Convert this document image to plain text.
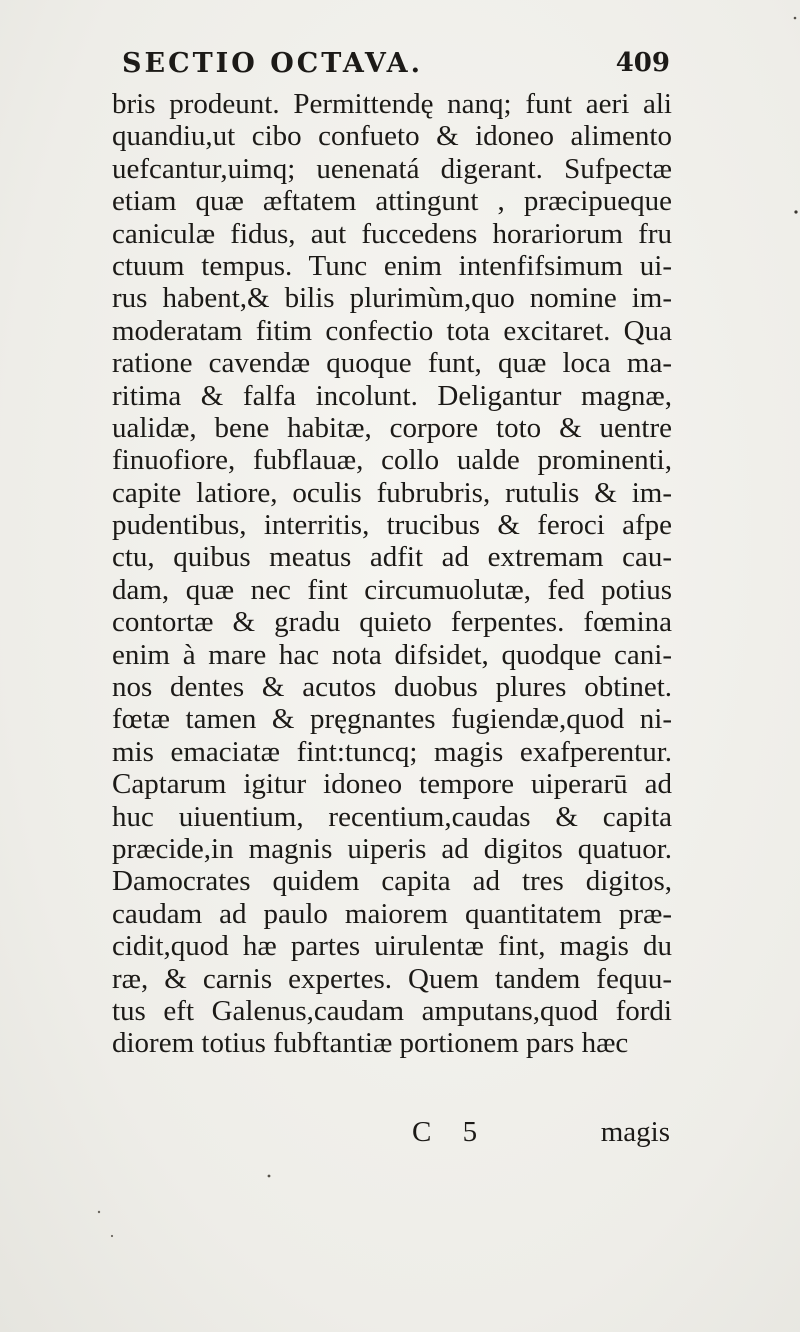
SECTIO OCTAVA.	409
bris prodeunt. Permittendę nanq; funt aeri ali
quandiu,ut cibo confueto & idoneo alimento
uefcantur,uimq; uenenatá digerant. Sufpectæ
etiam quæ æftatem attingunt , præcipueque
caniculæ fidus, aut fuccedens horariorum fru
ctuum tempus. Tunc enim intenfifsimum ui-
rus habent,& bilis plurimùm,quo nomine im-
moderatam fitim confectio tota excitaret. Qua
ratione cavendæ quoque funt, quæ loca ma-
ritima & falfa incolunt. Deligantur magnæ,
ualidæ, bene habitæ, corpore toto & uentre
finuofiore, fubflauæ, collo ualde prominenti,
capite latiore, oculis fubrubris, rutulis & im-
pudentibus, interritis, trucibus & feroci afpe
ctu, quibus meatus adfit ad extremam cau-
dam, quæ nec fint circumuolutæ, fed potius
contortæ & gradu quieto ferpentes. fœmina
enim à mare hac nota difsidet, quodque cani-
nos dentes & acutos duobus plures obtinet.
fœtæ tamen & pręgnantes fugiendæ,quod ni-
mis emaciatæ fint:tuncq; magis exafperentur.
Captarum igitur idoneo tempore uiperarū ad
huc uiuentium, recentium,caudas & capita
præcide,in magnis uiperis ad digitos quatuor.
Damocrates quidem capita ad tres digitos,
caudam ad paulo maiorem quantitatem præ-
cidit,quod hæ partes uirulentæ fint, magis du
ræ, & carnis expertes. Quem tandem fequu-
tus eft Galenus,caudam amputans,quod fordi
diorem totius fubftantiæ portionem pars hæc
C 5	magis
